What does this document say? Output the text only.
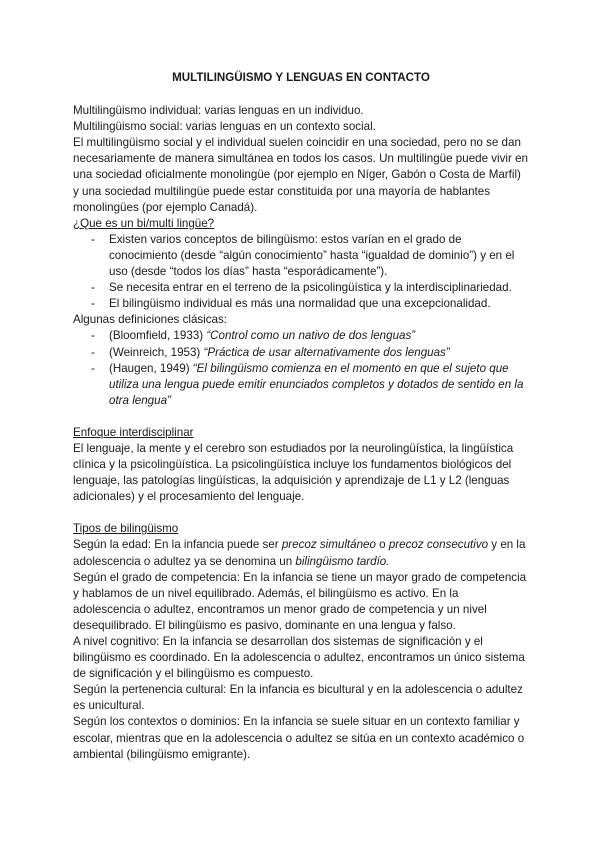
MULTILINGÜISMO Y LENGUAS EN CONTACTO

Multilingüismo individual: varias lenguas en un individuo.

Multilingüismo social: varias lenguas en un contexto social.

El multilingüismo social y el individual suelen coincidir en una sociedad, pero no se dan necesariamente de manera simultánea en todos los casos. Un multilingüe puede vivir en una sociedad oficialmente monolingüe (por ejemplo en Níger, Gabón o Costa de Marfil) y una sociedad multilingüe puede estar constituida por una mayoría de hablantes monolingües (por ejemplo Canadá).

¿Que es un bi/multi lingüe?

- Existen varios conceptos de bilingüismo: estos varían en el grado de conocimiento (desde “algún conocimiento” hasta “igualdad de dominio”) y en el uso (desde “todos los días” hasta “esporádicamente”).
- Se necesita entrar en el terreno de la psicolingüística y la interdisciplinariedad.
- El bilingüismo individual es más una normalidad que una excepcionalidad.

Algunas definiciones clásicas:

- (Bloomfield, 1933) “Control como un nativo de dos lenguas”
- (Weinreich, 1953) “Práctica de usar alternativamente dos lenguas”
- (Haugen, 1949) “El bilingüismo comienza en el momento en que el sujeto que utiliza una lengua puede emitir enunciados completos y dotados de sentido en la otra lengua”

Enfoque interdisciplinar

El lenguaje, la mente y el cerebro son estudiados por la neurolingüística, la lingüística clínica y la psicolingüística. La psicolingüística incluye los fundamentos biológicos del lenguaje, las patologías lingüísticas, la adquisición y aprendizaje de L1 y L2 (lenguas adicionales) y el procesamiento del lenguaje.

Tipos de bilingüismo

Según la edad: En la infancia puede ser precoz simultáneo o precoz consecutivo y en la adolescencia o adultez ya se denomina un bilingüismo tardío.

Según el grado de competencia: En la infancia se tiene un mayor grado de competencia y hablamos de un nivel equilibrado. Además, el bilingüismo es activo. En la adolescencia o adultez, encontramos un menor grado de competencia y un nivel desequilibrado. El bilingüismo es pasivo, dominante en una lengua y falso.

A nivel cognitivo: En la infancia se desarrollan dos sistemas de significación y el bilingüismo es coordinado. En la adolescencia o adultez, encontramos un único sistema de significación y el bilingüismo es compuesto.

Según la pertenencia cultural: En la infancia es bicultural y en la adolescencia o adultez es unicultural.

Según los contextos o dominios: En la infancia se suele situar en un contexto familiar y escolar, mientras que en la adolescencia o adultez se sitúa en un contexto académico o ambiental (bilingüismo emigrante).
